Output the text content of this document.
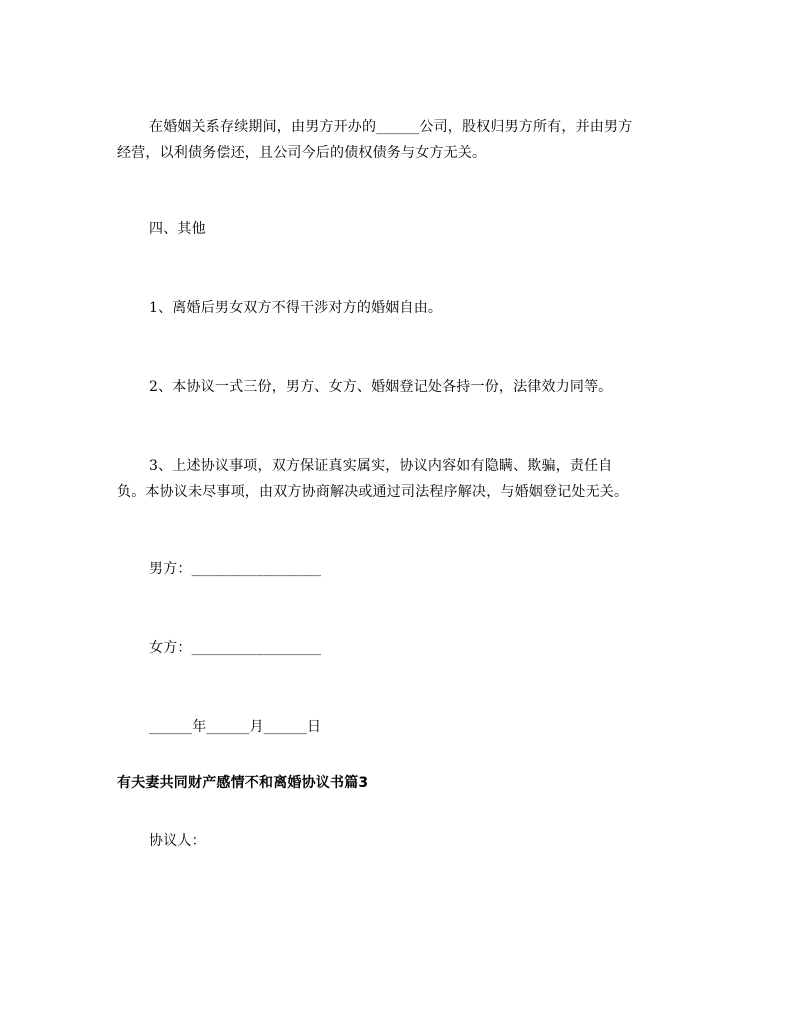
在婚姻关系存续期间，由男方开办的______公司，股权归男方所有，并由男方
经营，以利债务偿还，且公司今后的债权债务与女方无关。
四、其他
1、离婚后男女双方不得干涉对方的婚姻自由。
2、本协议一式三份，男方、女方、婚姻登记处各持一份，法律效力同等。
3、上述协议事项，双方保证真实属实，协议内容如有隐瞒、欺骗，责任自
负。本协议未尽事项，由双方协商解决或通过司法程序解决，与婚姻登记处无关。
男方：__________________
女方：__________________
______年______月______日
有夫妻共同财产感情不和离婚协议书篇3
协议人：
